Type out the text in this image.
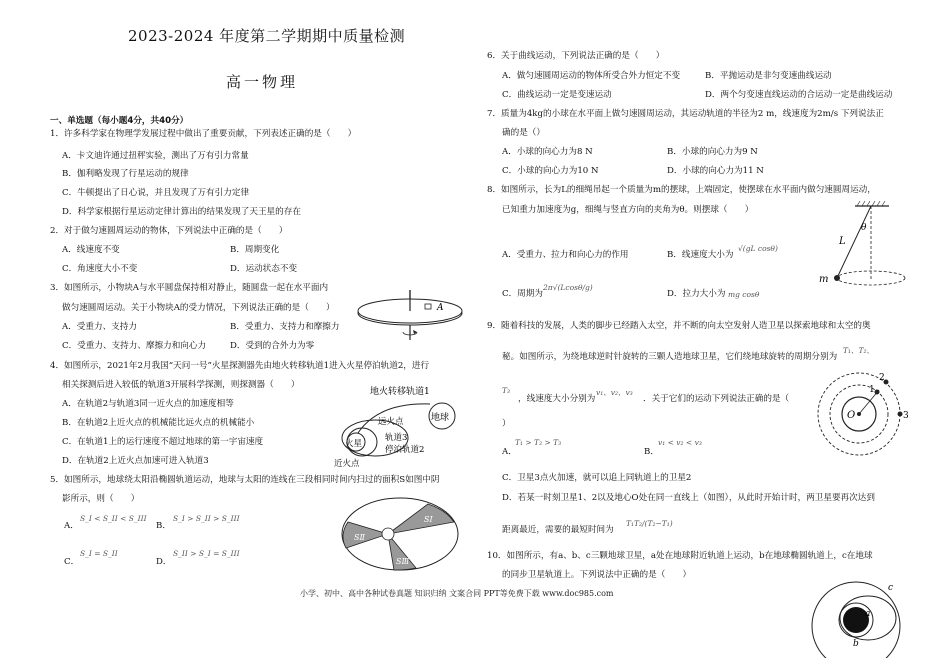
2023-2024 年度第二学期期中质量检测
高一物理
一、单选题（每小题4分，共40分）
1．许多科学家在物理学发展过程中做出了重要贡献，下列表述正确的是（　　）
A．卡文迪许通过扭秤实验，测出了万有引力常量
B．伽利略发现了行星运动的规律
C．牛顿提出了日心说，并且发现了万有引力定律
D．科学家根据行星运动定律计算出的结果发现了天王星的存在
2．对于做匀速圆周运动的物体，下列说法中正确的是（　　）
A．线速度不变	B．周期变化
C．角速度大小不变	D．运动状态不变
3．如图所示，小物块A与水平圆盘保持相对静止，随圆盘一起在水平面内
做匀速圆周运动。关于小物块A的受力情况，下列说法正确的是（　　）
A．受重力、支持力	B．受重力、支持力和摩擦力
C．受重力、支持力、摩擦力和向心力	D．受到的合外力为零
A
4．如图所示，2021年2月我国“天问一号”火星探测器先由地火转移轨道1进入火星停泊轨道2，进行
相关探测后进入较低的轨道3开展科学探测，则探测器（　　）
A．在轨道2与轨道3同一近火点的加速度相等
B．在轨道2上近火点的机械能比远火点的机械能小
C．在轨道1上的运行速度不超过地球的第一宇宙速度
D．在轨道2上近火点加速可进入轨道3
地球
火星
地火转移轨道1
远火点
轨道3
停泊轨道2
近火点
5．如图所示，地球绕太阳沿椭圆轨道运动，地球与太阳的连线在三段相同时间内扫过的面积S如图中阴
影所示，则（　　）
A．
S_I < S_II < S_III
B．
S_I > S_II > S_III
C．
S_I = S_II
D．
S_II > S_I = S_III
SⅠ
SⅡ
SⅢ
6．关于曲线运动，下列说法正确的是（　　）
A．做匀速圆周运动的物体所受合外力恒定不变	B．平抛运动是非匀变速曲线运动
C．曲线运动一定是变速运动	D．两个匀变速直线运动的合运动一定是曲线运动
7．质量为4kg的小球在水平面上做匀速圆周运动，其运动轨道的半径为2 m，线速度为2m/s 下列说法正
确的是（）
A．小球的向心力为8 N	B．小球的向心力为9 N
C．小球的向心力为10 N	D．小球的向心力为11 N
8．如图所示，长为L的细绳吊起一个质量为m的摆球，上端固定，使摆球在水平面内做匀速圆周运动，
已知重力加速度为g，细绳与竖直方向的夹角为θ。则摆球（　　）
A．受重力、拉力和向心力的作用	B．线速度大小为
√(gL cosθ)
C．周期为
2π√(Lcosθ/g)
D．拉力大小为 mg cosθ
L
θ
m
9．随着科技的发展，人类的脚步已经踏入太空，并不断的向太空发射人造卫星以探索地球和太空的奥
秘。如图所示，为绕地球逆时针旋转的三颗人造地球卫星，它们绕地球旋转的周期分别为
T₁、T₂、
T₃
，线速度大小分别为
v₁、v₂、v₃
．关于它们的运动下列说法正确的是（
）
A．
T₁ > T₂ > T₃
B．
v₁ < v₂ < v₃
C．卫星3点火加速，就可以追上同轨道上的卫星2
D．若某一时刻卫星1、2以及地心O处在同一直线上（如图），从此时开始计时，两卫星要再次达到
距离最近，需要的最短时间为
T₁T₂/(T₂−T₁)
O
1
2
3
10．如图所示，有a、b、c三颗地球卫星，a处在地球附近轨道上运动，b在地球椭圆轨道上，c在地球
的同步卫星轨道上。下列说法中正确的是（　　）
c
a
b
小学、初中、高中各种试卷真题 知识归纳 文案合同 PPT等免费下载 www.doc985.com
